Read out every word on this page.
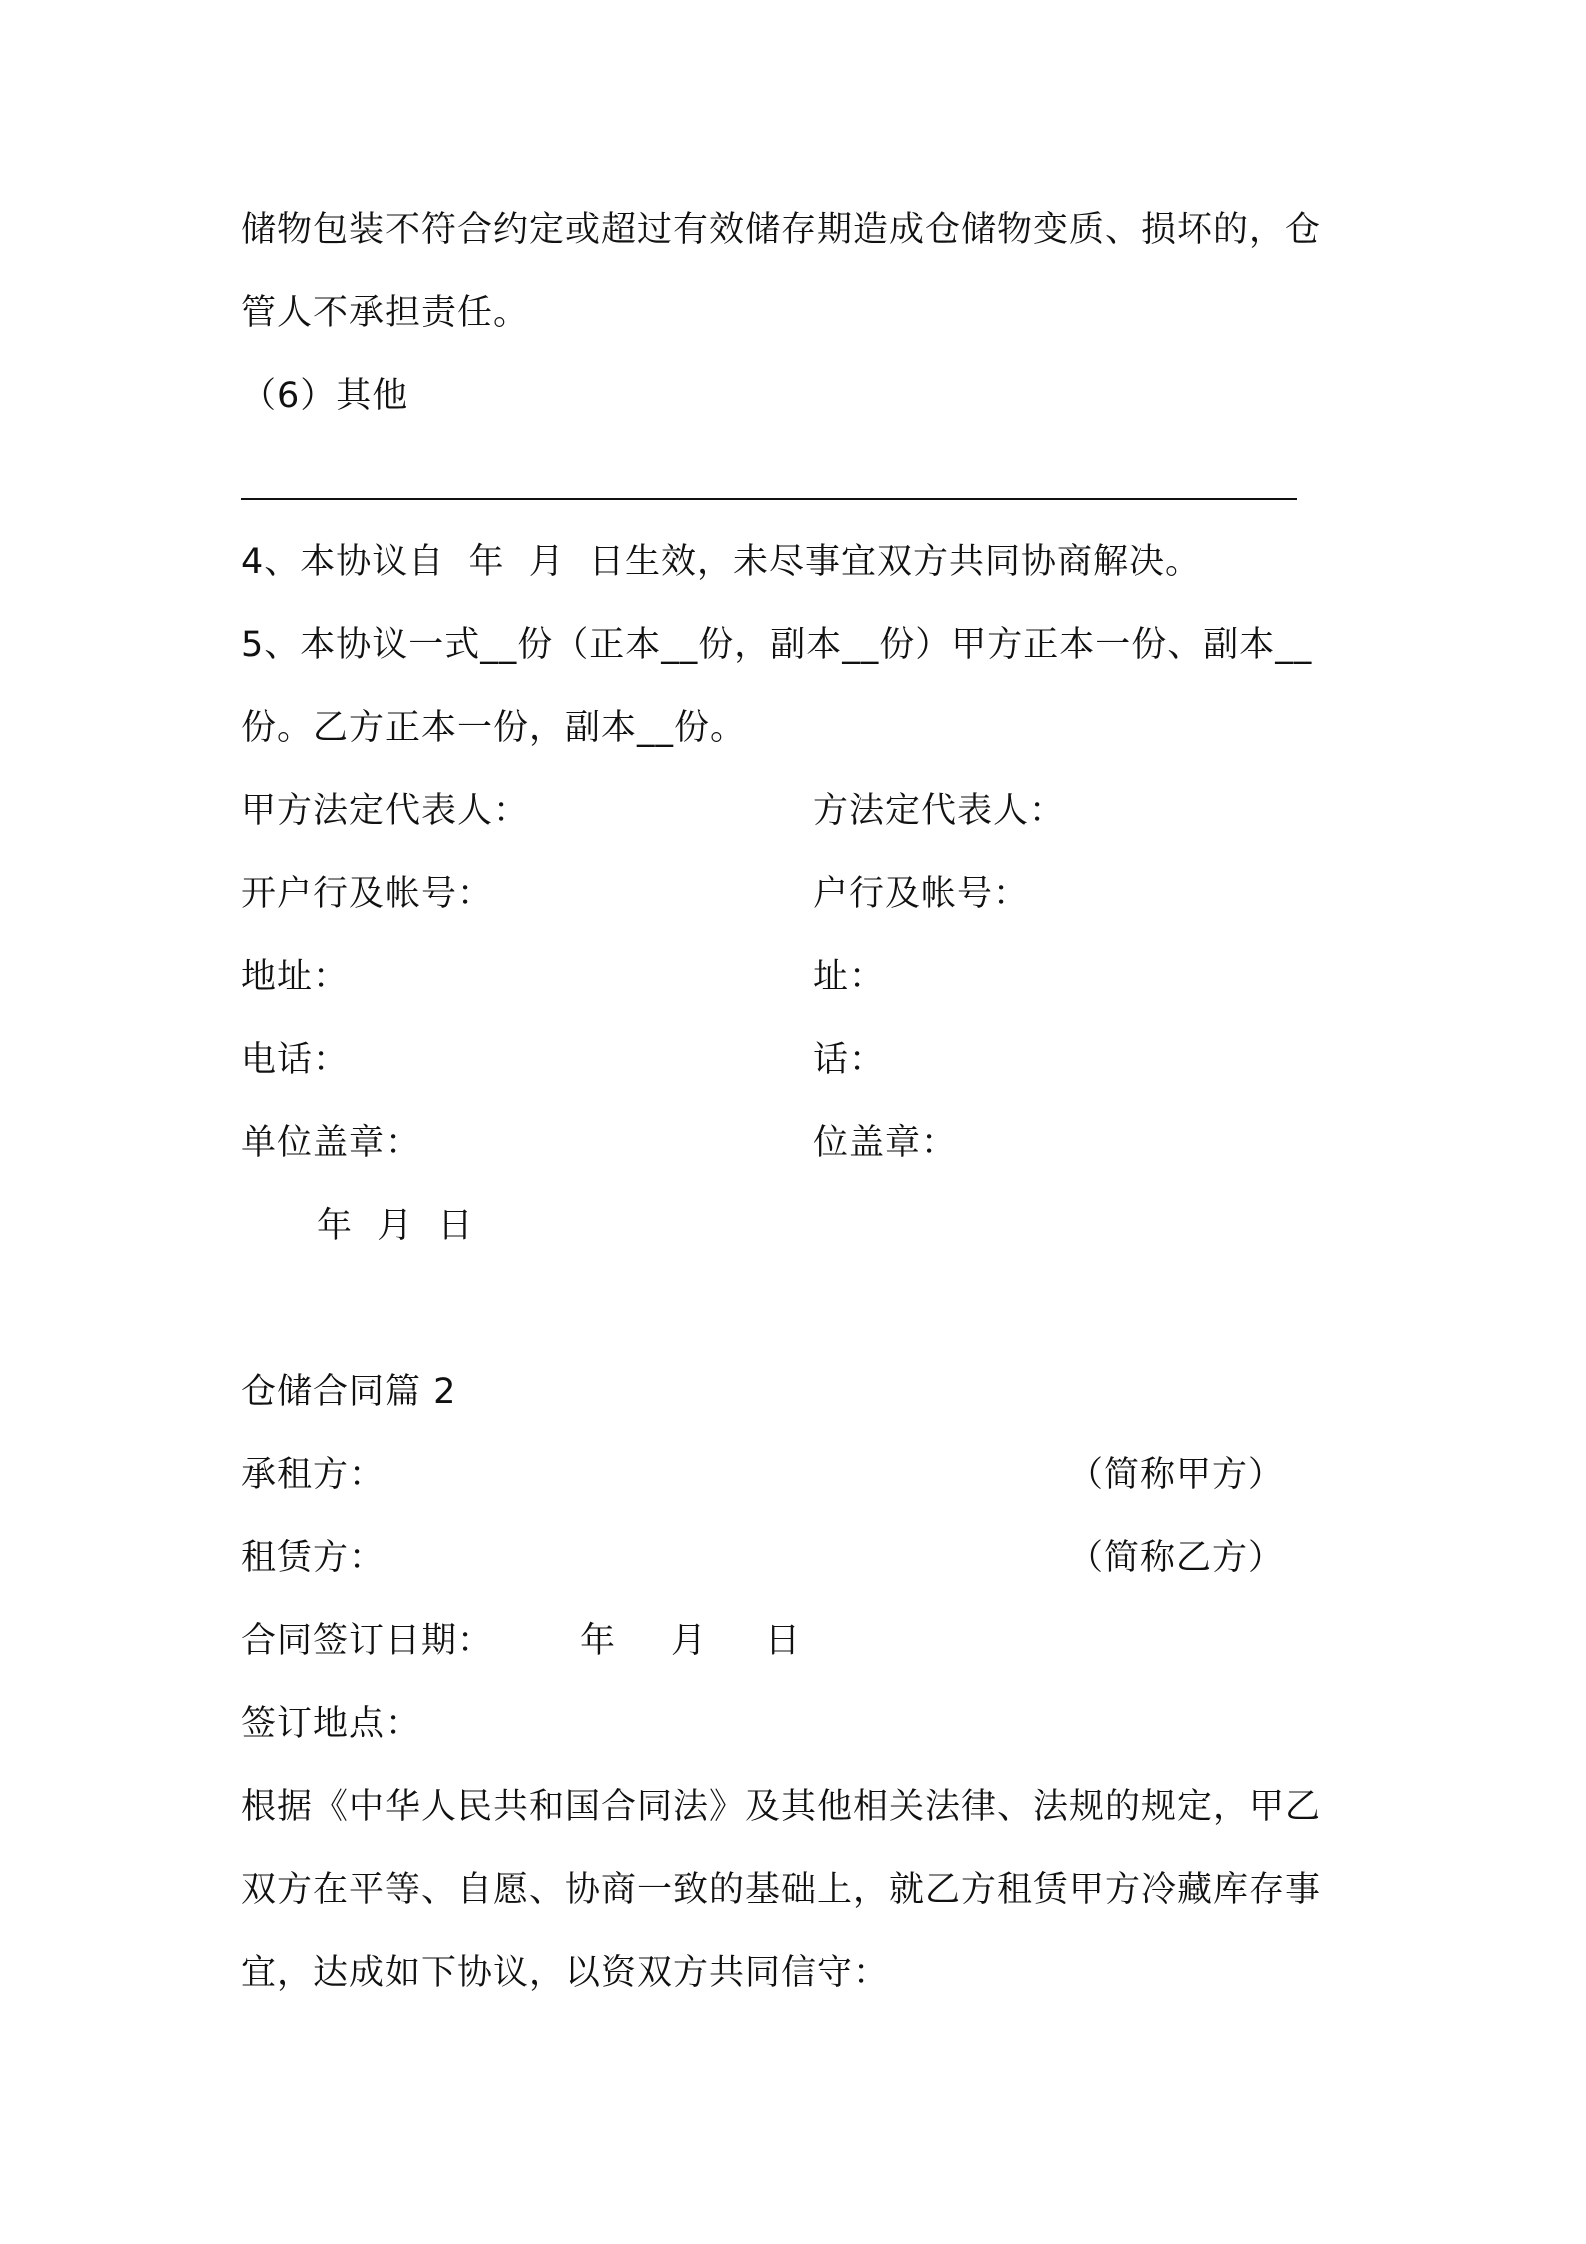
储物包装不符合约定或超过有效储存期造成仓储物变质、损坏的，仓
管人不承担责任。
（6）其他
4、本协议自  年  月  日生效，未尽事宜双方共同协商解决。
5、本协议一式__份（正本__份，副本__份）甲方正本一份、副本__
份。乙方正本一份，副本__份。
甲方法定代表人：	方法定代表人：
开户行及帐号：	户行及帐号：
地址：	址：
电话：	话：
单位盖章：	位盖章：
年  月  日
仓储合同篇 2
承租方：	（简称甲方）
租赁方：	（简称乙方）
合同签订日期： 年 月 日
签订地点：
根据《中华人民共和国合同法》及其他相关法律、法规的规定，甲乙
双方在平等、自愿、协商一致的基础上，就乙方租赁甲方冷藏库存事
宜，达成如下协议，以资双方共同信守：
